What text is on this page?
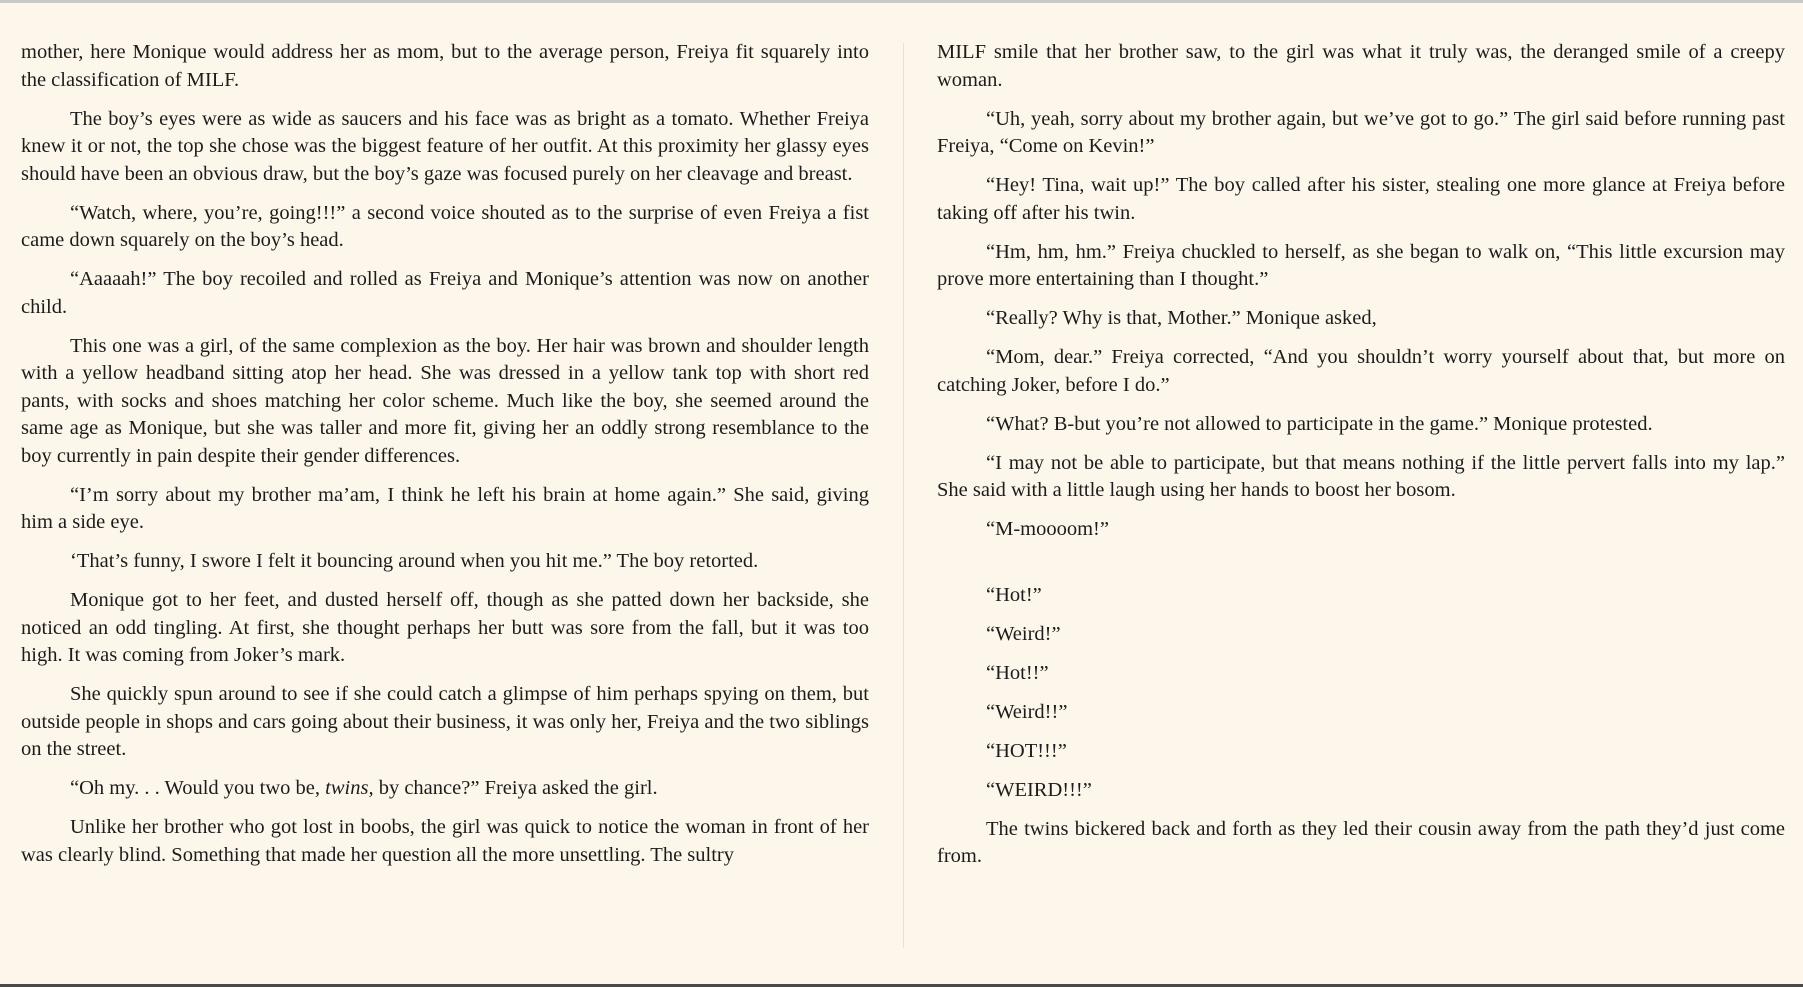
mother, here Monique would address her as mom, but to the average person, Freiya fit squarely into the classification of MILF.

The boy’s eyes were as wide as saucers and his face was as bright as a tomato. Whether Freiya knew it or not, the top she chose was the biggest feature of her outfit. At this proximity her glassy eyes should have been an obvious draw, but the boy’s gaze was focused purely on her cleavage and breast.

“Watch, where, you’re, going!!!” a second voice shouted as to the surprise of even Freiya a fist came down squarely on the boy’s head.

“Aaaaah!” The boy recoiled and rolled as Freiya and Monique’s attention was now on another child.

This one was a girl, of the same complexion as the boy. Her hair was brown and shoulder length with a yellow headband sitting atop her head. She was dressed in a yellow tank top with short red pants, with socks and shoes matching her color scheme. Much like the boy, she seemed around the same age as Monique, but she was taller and more fit, giving her an oddly strong resemblance to the boy currently in pain despite their gender differences.

“I’m sorry about my brother ma’am, I think he left his brain at home again.” She said, giving him a side eye.

‘That’s funny, I swore I felt it bouncing around when you hit me.” The boy retorted.

Monique got to her feet, and dusted herself off, though as she patted down her backside, she noticed an odd tingling. At first, she thought perhaps her butt was sore from the fall, but it was too high. It was coming from Joker’s mark.

She quickly spun around to see if she could catch a glimpse of him perhaps spying on them, but outside people in shops and cars going about their business, it was only her, Freiya and the two siblings on the street.

“Oh my. . . Would you two be, twins, by chance?” Freiya asked the girl.

Unlike her brother who got lost in boobs, the girl was quick to notice the woman in front of her was clearly blind. Something that made her question all the more unsettling. The sultry

MILF smile that her brother saw, to the girl was what it truly was, the deranged smile of a creepy woman.

“Uh, yeah, sorry about my brother again, but we’ve got to go.” The girl said before running past Freiya, “Come on Kevin!”

“Hey! Tina, wait up!” The boy called after his sister, stealing one more glance at Freiya before taking off after his twin.

“Hm, hm, hm.” Freiya chuckled to herself, as she began to walk on, “This little excursion may prove more entertaining than I thought.”

“Really? Why is that, Mother.” Monique asked,

“Mom, dear.” Freiya corrected, “And you shouldn’t worry yourself about that, but more on catching Joker, before I do.”

“What? B-but you’re not allowed to participate in the game.” Monique protested.

“I may not be able to participate, but that means nothing if the little pervert falls into my lap.” She said with a little laugh using her hands to boost her bosom.

“M-moooom!”

“Hot!”

“Weird!”

“Hot!!”

“Weird!!”

“HOT!!!”

“WEIRD!!!”

The twins bickered back and forth as they led their cousin away from the path they’d just come from.
